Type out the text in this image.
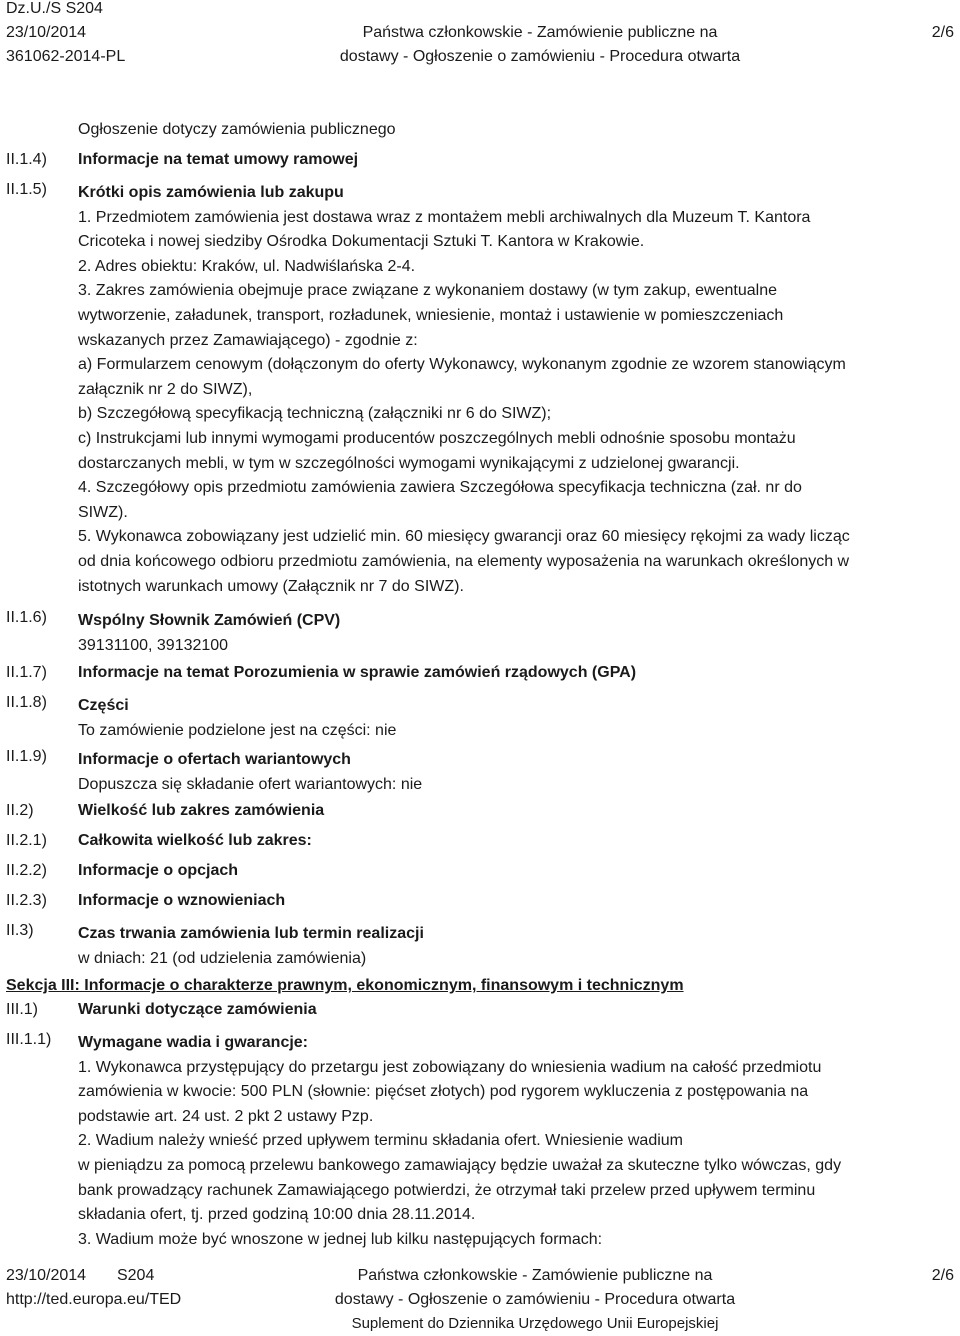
Dz.U./S S204
23/10/2014
361062-2014-PL
Państwa członkowskie - Zamówienie publiczne na
dostawy - Ogłoszenie o zamówieniu - Procedura otwarta
2/6
Ogłoszenie dotyczy zamówienia publicznego
II.1.4) Informacje na temat umowy ramowej
II.1.5) Krótki opis zamówienia lub zakupu

1. Przedmiotem zamówienia jest dostawa wraz z montażem mebli archiwalnych dla Muzeum T. Kantora

Cricoteka i nowej siedziby Ośrodka Dokumentacji Sztuki T. Kantora w Krakowie.

2. Adres obiektu: Kraków, ul. Nadwiślańska 2-4.

3. Zakres zamówienia obejmuje prace związane z wykonaniem dostawy (w tym zakup, ewentualne

wytworzenie, załadunek, transport, rozładunek, wniesienie, montaż i ustawienie w pomieszczeniach

wskazanych przez Zamawiającego) - zgodnie z:

a) Formularzem cenowym (dołączonym do oferty Wykonawcy, wykonanym zgodnie ze wzorem stanowiącym

załącznik nr 2 do SIWZ),

b) Szczegółową specyfikacją techniczną (załączniki nr 6 do SIWZ);

c) Instrukcjami lub innymi wymogami producentów poszczególnych mebli odnośnie sposobu montażu

dostarczanych mebli, w tym w szczególności wymogami wynikającymi z udzielonej gwarancji.

4. Szczegółowy opis przedmiotu zamówienia zawiera Szczegółowa specyfikacja techniczna (zał. nr do

SIWZ).

5. Wykonawca zobowiązany jest udzielić min. 60 miesięcy gwarancji oraz 60 miesięcy rękojmi za wady licząc

od dnia końcowego odbioru przedmiotu zamówienia, na elementy wyposażenia na warunkach określonych w

istotnych warunkach umowy (Załącznik nr 7 do SIWZ).

II.1.6) Wspólny Słownik Zamówień (CPV)
39131100, 39132100
II.1.7) Informacje na temat Porozumienia w sprawie zamówień rządowych (GPA)
II.1.8) Części
To zamówienie podzielone jest na części: nie
II.1.9) Informacje o ofertach wariantowych
Dopuszcza się składanie ofert wariantowych: nie
II.2)	Wielkość lub zakres zamówienia
II.2.1) Całkowita wielkość lub zakres:
II.2.2) Informacje o opcjach
II.2.3) Informacje o wznowieniach
II.3)	Czas trwania zamówienia lub termin realizacji
w dniach: 21 (od udzielenia zamówienia)
Sekcja III: Informacje o charakterze prawnym, ekonomicznym, finansowym i technicznym
III.1) Warunki dotyczące zamówienia
III.1.1) Wymagane wadia i gwarancje:

1. Wykonawca przystępujący do przetargu jest zobowiązany do wniesienia wadium na całość przedmiotu

zamówienia w kwocie: 500 PLN (słownie: pięćset złotych) pod rygorem wykluczenia z postępowania na

podstawie art. 24 ust. 2 pkt 2 ustawy Pzp.

2. Wadium należy wnieść przed upływem terminu składania ofert. Wniesienie wadium

w pieniądzu za pomocą przelewu bankowego zamawiający będzie uważał za skuteczne tylko wówczas, gdy

bank prowadzący rachunek Zamawiającego potwierdzi, że otrzymał taki przelew przed upływem terminu

składania ofert, tj. przed godziną 10:00 dnia 28.11.2014.

3. Wadium może być wnoszone w jednej lub kilku następujących formach:

23/10/2014 S204
http://ted.europa.eu/TED
Państwa członkowskie - Zamówienie publiczne na
dostawy - Ogłoszenie o zamówieniu - Procedura otwarta
Suplement do Dziennika Urzędowego Unii Europejskiej
2/6
